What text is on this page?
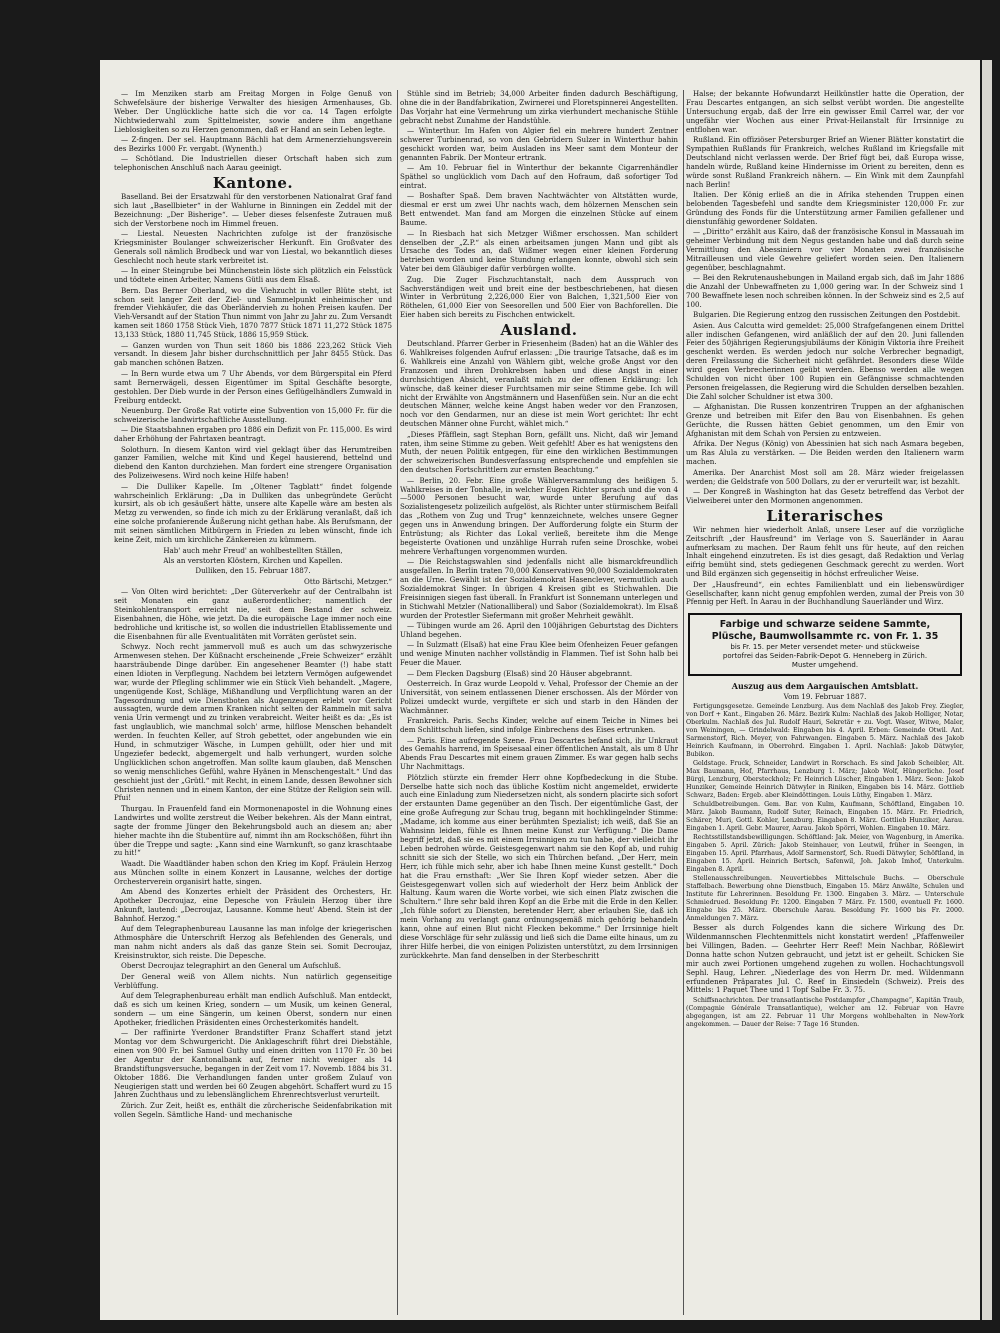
— Im Menziken starb am Freitag Morgen in Folge Genuß von Schwefelsäure der bisherige Verwalter des hiesigen Armenhauses, Gb. Weber. Der Unglückliche hatte sich die vor ca. 14 Tagen erfolgte Nichtwiederwahl zum Spittelmeister, sowie andere ihm angethane Lieblosigkeiten so zu Herzen genommen, daß er Hand an sein Leben legte.

— Z-fingen. Der sel. Hauptmann Bächli hat dem Armenerziehungsverein des Bezirks 1000 Fr. vergabt. (Wynenth.)

— Schötland. Die Industriellen dieser Ortschaft haben sich zum telephonischen Anschluß nach Aarau geeinigt.

Kantone.

Baselland. Bei der Ersatzwahl für den verstorbenen Nationalrat Graf fand sich laut „Basellbieter“ in der Wahlurne in Binningen ein Zeddel mit der Bezeichnung: „Der Bisherige“. — Ueber dieses felsenfeste Zutrauen muß sich der Verstorbene noch im Himmel freuen.

— Liestal. Neuesten Nachrichten zufolge ist der französische Kriegsminister Boulanger schweizerischer Herkunft. Ein Großvater des Generals soll nämlich Brodbeck und war von Liestal, wo bekanntlich dieses Geschlecht noch heute stark verbreitet ist.

— In einer Steingrube bei Münchenstein löste sich plötzlich ein Felsstück und tödtete einen Arbeiter, Namens Gütli aus dem Elsaß.

Bern. Das Berner Oberland, wo die Viehzucht in voller Blüte steht, ist schon seit langer Zeit der Ziel- und Sammelpunkt einheimischer und fremder Viehkäufer, die das Oberländervieh zu hohen Preisen kaufen. Der Vieh-Versandt auf der Station Thun nimmt von Jahr zu Jahr zu. Zum Versandt kamen seit 1860 1758 Stück Vieh, 1870 7877 Stück 1871 11,272 Stück 1875 13,133 Stück, 1880 11,745 Stück, 1886 15,959 Stück.

— Ganzen wurden von Thun seit 1860 bis 1886 223,262 Stück Vieh versandt. In diesem Jahr bisher durchschnittlich per Jahr 8455 Stück. Das gab manchen schönen Batzen.

— In Bern wurde etwa um 7 Uhr Abends, vor dem Bürgerspital ein Pferd samt Bernerwägeli, dessen Eigentümer im Spital Geschäfte besorgte, gestohlen. Der Dieb wurde in der Person eines Geflügelhändlers Zumwald in Freiburg entdeckt.

Neuenburg. Der Große Rat votirte eine Subvention von 15,000 Fr. für die schweizerische landwirtschaftliche Ausstellung.

— Die Staatsbahnen ergaben pro 1886 ein Defizit von Fr. 115,000. Es wird daher Erhöhung der Fahrtaxen beantragt.

Solothurn. In diesem Kanton wird viel geklagt über das Herumtreiben ganzer Familien, welche mit Kind und Kegel hausierend, bettelnd und diebend den Kanton durchziehen. Man fordert eine strengere Organisation des Polizeiwesens. Wird noch keine Hilfe haben!

— Die Dulliker Kapelle. Im „Oltener Tagblatt“ findet folgende wahrscheinlich Erklärung: „Da in Dulliken das unbegründete Gerücht kursirt, als ob ich gesäußert hätte, unsere alte Kapelle wäre am besten als Metzg zu verwenden, so finde ich mich zu der Erklärung veranlaßt, daß ich eine solche profanierende Äußerung nicht gethan habe. Als Berufsmann, der mit seinen sämtlichen Mitbürgern in Frieden zu leben wünscht, finde ich keine Zeit, mich um kirchliche Zänkereien zu kümmern.

Hab' auch mehr Freud' an wohlbestellten Ställen,

Als an verstorten Klöstern, Kirchen und Kapellen.

Dulliken, den 15. Februar 1887.

Otto Bärtschi, Metzger.“

— Von Olten wird berichtet: „Der Güterverkehr auf der Centralbahn ist seit Monaten ein ganz außerordentlicher; namentlich der Steinkohlentransport erreicht nie, seit dem Bestand der schweiz. Eisenbahnen, die Höhe, wie jetzt. Da die europäische Lage immer noch eine bedrohliche und kritische ist, so wollen die industriellen Etablissemente und die Eisenbahnen für alle Eventualitäten mit Vorräten gerüstet sein.

Schwyz. Noch recht jammervoll muß es auch um das schwyzerische Armenwesen stehen. Der Küßnacht erscheinende „Freie Schweizer“ erzählt haarsträubende Dinge darüber. Ein angesehener Beamter (!) habe statt einen Idioten in Verpflegung. Nachdem bei letztern Vermögen aufgewendet war, wurde der Pflegling schlimmer wie ein Stück Vieh behandelt. „Magere, ungenügende Kost, Schläge, Mißhandlung und Verpflichtung waren an der Tagesordnung und wie Dienstboten als Augenzeugen erlebt vor Gericht aussagten, wurde dem armen Kranken nicht selten der Rammeln mit salva venia Urin vermengt und zu trinken verabreicht. Weiter heißt es da: „Es ist fast unglaublich, wie manchmal solch' arme, hilflose Menschen behandelt werden. In feuchten Keller, auf Stroh gebettet, oder angebunden wie ein Hund, in schmutziger Wäsche, in Lumpen gehüllt, oder hier und mit Ungeziefer bedeckt, abgemergelt und halb verhungert, wurden solche Unglücklichen schon angetroffen. Man sollte kaum glauben, daß Menschen so wenig menschliches Gefühl, wahre Hyänen in Menschengestalt.“ Und das geschieht just der „Grütl.“ mit Recht, in einem Lande, dessen Bewohner sich Christen nennen und in einem Kanton, der eine Stütze der Religion sein will. Pfui!

Thurgau. In Frauenfeld fand ein Mormonenapostel in die Wohnung eines Landwirtes und wollte zerstreut die Weiber bekehren. Als der Mann eintrat, sagte der fromme Jünger den Bekehrungsbold auch an diesem an; aber hieher machte ihn die Stubentüre auf, nimmt ihn am Rockschößen, führt ihn über die Treppe und sagte: „Kann sind eine Warnkunft, so ganz kraschtaabe zu hit!“

Waadt. Die Waadtländer haben schon den Krieg im Kopf. Fräulein Herzog aus München sollte in einem Konzert in Lausanne, welches der dortige Orchesterverein organisirt hatte, singen.

Am Abend des Konzertes erhielt der Präsident des Orchesters, Hr. Apotheker Decroujaz, eine Depesche von Fräulein Herzog über ihre Ankunft, lautend: „Decroujaz, Lausanne. Komme heut' Abend. Stein ist der Bahnhof. Herzog.“

Auf dem Telegraphenbureau Lausanne las man infolge der kriegerischen Athmosphäre die Unterschrift Herzog als Befehlenden des Generals, und man nahm nicht anders als daß das ganze Stein sei. Somit Decroujaz, Kreisinstruktor, sich reiste. Die Depesche.

Oberst Decroujaz telegraphirt an den General um Aufschluß.

Der General weiß von Allem nichts. Nun natürlich gegenseitige Verblüffung.

Auf dem Telegraphenbureau erhält man endlich Aufschluß. Man entdeckt, daß es sich um keinen Krieg, sondern — um Musik, um keinen General, sondern — um eine Sängerin, um keinen Oberst, sondern nur einen Apotheker, friedlichen Präsidenten eines Orchesterkomités handelt.

— Der raffinirte Yverdoner Brandstifter Franz Schaffert stand jetzt Montag vor dem Schwurgericht. Die Anklageschrift führt drei Diebstähle, einen von 900 Fr. bei Samuel Guthy und einen dritten von 1170 Fr. 30 bei der Agentur der Kantonalbank auf, ferner nicht weniger als 14 Brandstiftungsversuche, begangen in der Zeit vom 17. Novemb. 1884 bis 31. Oktober 1886. Die Verhandlungen fanden unter großem Zulauf von Neugierigen statt und werden bei 60 Zeugen abgehört. Schaffert wurd zu 15 Jahren Zuchthaus und zu lebenslänglichem Ehrenrechtsverlust verurteilt.

Zürich. Zur Zeit, heißt es, enthält die zürcherische Seidenfabrikation mit vollen Segeln. Sämtliche Hand- und mechanische

Stühle sind im Betrieb; 34,000 Arbeiter finden dadurch Beschäftigung, ohne die in der Bandfabrikation, Zwirnerei und Floretspinnerei Angestellten. Das Vorjahr hat eine Vermehrung um zirka vierhundert mechanische Stühle gebracht nebst Zunahme der Handstühle.

— Winterthur. Im Hafen von Algier fiel ein mehrere hundert Zentner schwerer Turbinenrad, so von den Gebrüdern Sulzer in Winterthur bahin geschickt worden war, beim Ausladen ins Meer samt dem Monteur der genannten Fabrik. Der Monteur ertrank.

— Am 10. Februar fiel in Winterthur der bekannte Cigarrenhändler Späthel so unglücklich vom Dach auf den Hofraum, daß sofortiger Tod eintrat.

— Boshafter Spaß. Dem braven Nachtwächter von Altstätten wurde, diesmal er erst um zwei Uhr nachts wach, dem hölzernen Menschen sein Bett entwendet. Man fand am Morgen die einzelnen Stücke auf einem Baume.

— In Riesbach hat sich Metzger Wißmer erschossen. Man schildert denselben der „Z.P.“ als einen arbeitsamen jungen Mann und gibt als Ursache des Todes an, daß Wißmer wegen einer kleinen Forderung betrieben worden und keine Stundung erlangen konnte, obwohl sich sein Vater bei dem Gläubiger dafür verbürgen wollte.

Zug. Die Zuger Fischzuchtanstalt, nach dem Ausspruch von Sachverständigen weit und breit eine der bestbeschriebenen, hat diesen Winter in Verbrütung 2,226,000 Eier von Balchen, 1,321,500 Eier von Röthelen, 61,000 Eier von Seesorellen und 500 Eier von Bachforellen. Die Eier haben sich bereits zu Fischchen entwickelt.

Ausland.

Deutschland. Pfarrer Gerber in Friesenheim (Baden) hat an die Wähler des 6. Wahlkreises folgenden Aufruf erlassen: „Die traurige Tatsache, daß es im 6. Wahlkreis eine Anzahl von Wählern gibt, welche große Angst vor den Franzosen und ihren Drohkrebsen haben und diese Angst in einer durchsichtigen Absicht, veranlaßt mich zu der offenen Erklärung: Ich wünsche, daß keiner dieser Furchtsamen mir seine Stimme gebe. Ich will nicht der Erwählte von Angstmännern und Hasenfüßen sein. Nur an die echt deutschen Männer, welche keine Angst haben weder vor den Franzosen, noch vor den Gendarmen, nur an diese ist mein Wort gerichtet: Ihr echt deutschen Männer ohne Furcht, wählet mich.“

„Dieses Pfäfflein, sagt Stephan Born, gefällt uns. Nicht, daß wir Jemand raten, ihm seine Stimme zu geben. Weit gefehlt! Aber es hat wenigstens den Muth, der neuen Politik entgegen, für eine den wirklichen Bestimmungen der schweizerischen Bundesverfassung entsprechende und empfehlen sie den deutschen Fortschrittlern zur ernsten Beachtung.“

— Berlin, 20. Febr. Eine große Wählerversammlung des heißigen 5. Wahlkreises in der Tonhalle, in welcher Eugen Richter sprach und die von 4—5000 Personen besucht war, wurde unter Berufung auf das Sozialistengesetz polizeilich aufgelöst, als Richter unter stürmischem Beifall das „Rothem von Zug und Trug“ kennzeichnete, welches unsere Gegner gegen uns in Anwendung bringen. Der Aufforderung folgte ein Sturm der Entrüstung; als Richter das Lokal verließ, bereitete ihm die Menge begeisterte Ovationen und unzählige Hurrah rufen seine Droschke, wobei mehrere Verhaftungen vorgenommen wurden.

— Die Reichstagswahlen sind jedenfalls nicht alle bismarckfreundlich ausgefallen. In Berlin traten 70,000 Konservativen 90,000 Sozialdemokraten an die Urne. Gewählt ist der Sozialdemokrat Hasenclever, vermutlich auch Sozialdemokrat Singer. In übrigen 4 Kreisen gibt es Stichwahlen. Die Freisinnigen siegen fast überall. In Frankfurt ist Sonnemann unterlegen und in Stichwahl Metzler (Nationalliberal) und Sabor (Sozialdemokrat). Im Elsaß wurden der Protestler Siefermann mit großer Mehrheit gewählt.

— Tübingen wurde am 26. April den 100jährigen Geburtstag des Dichters Uhland begehen.

— In Sulzmatt (Elsaß) hat eine Frau Klee beim Ofenheizen Feuer gefangen und wenige Minuten nachher vollständig in Flammen. Tief ist Sohn halb bei Feuer die Mauer.

— Dem Flecken Dagsburg (Elsaß) sind 20 Häuser abgebrannt.

Oesterreich. In Graz wurde Leopold v. Vehal, Professor der Chemie an der Universität, von seinem entlassenen Diener erschossen. Als der Mörder von Polizei umdeckt wurde, vergiftete er sich und starb in den Händen der Wachmänner.

Frankreich. Paris. Sechs Kinder, welche auf einem Teiche in Nimes bei dem Schlittschuh liefen, sind infolge Einbrechens des Eises ertrunken.

— Paris. Eine aufregende Szene. Frau Descartes befand sich, ihr Unkraut des Gemahls harrend, im Speisesaal einer öffentlichen Anstalt, als um 8 Uhr Abends Frau Descartes mit einem grauen Zimmer. Es war gegen halb sechs Uhr Nachmittags.

Plötzlich stürzte ein fremder Herr ohne Kopfbedeckung in die Stube. Derselbe hatte sich noch das übliche Kostüm nicht angemeldet, erwiderte auch eine Einladung zum Niedersetzen nicht, als sondern placirte sich sofort der erstaunten Dame gegenüber an den Tisch. Der eigentümliche Gast, der eine große Aufregung zur Schau trug, begann mit hochklingelnder Stimme: „Madame, ich komme aus einer berühmten Spezialist; ich weiß, daß Sie an Wahnsinn leiden, fühle es Ihnen meine Kunst zur Verfügung.“ Die Dame begriff jetzt, daß sie es mit einem Irrsinnigen zu tun habe, der vielleicht ihr Leben bedrohen würde. Geistesgegenwart nahm sie den Kopf ab, und ruhig schnitt sie sich der Stelle, wo sich ein Thürchen befand. „Der Herr, mein Herr, ich fühle mich sehr, aber ich habe Ihnen meine Kunst gestellt.“ Doch hat die Frau ernsthaft: „Wer Sie Ihren Kopf wieder setzen. Aber die Geistesgegenwart vollen sich auf wiederholt der Herz beim Anblick der Haltung. Kaum waren die Worte vorbei, wie sich einen Platz zwischen die Schultern.“ Ihre sehr bald ihren Kopf an die Erbe mit die Erde in den Keller. „Ich fühle sofort zu Diensten, beretender Herr, aber erlauben Sie, daß ich mein Vorhang zu verlangt ganz ordnungsgemäß mich gehörig behandeln kann, ohne auf einen Blut nicht Flecken bekomme.“ Der Irrsinnige hielt diese Vorschläge für sehr zulässig und ließ sich die Dame eilte hinaus, um zu ihrer Hilfe herbei, die von einigen Polizisten unterstützt, zu dem Irrsinnigen zurückkehrte. Man fand denselben in der Sterbeschritt

Halse; der bekannte Hofwundarzt Heilkünstler hatte die Operation, der Frau Descartes entgangen, an sich selbst verübt worden. Die angestellte Untersuchung ergab, daß der Irre ein gewisser Emil Carrel war, der vor ungefähr vier Wochen aus einer Privat-Heilanstalt für Irrsinnige zu entflohen war.

Rußland. Ein offiziöser Petersburger Brief an Wiener Blätter konstatirt die Sympathien Rußlands für Frankreich, welches Rußland im Kriegsfalle mit Deutschland nicht verlassen werde. Der Brief fügt bei, daß Europa wisse, handeln würde, Rußland keine Hindernisse im Orient zu bereiten, denn es würde sonst Rußland Frankreich nähern. — Ein Wink mit dem Zaunpfahl nach Berlin!

Italien. Der König erließ an die in Afrika stehenden Truppen einen belobenden Tagesbefehl und sandte dem Kriegsminister 120,000 Fr. zur Gründung des Fonds für die Unterstützung armer Familien gefallener und dienstunfähig gewordener Soldaten.

— „Diritto“ erzählt aus Kairo, daß der französische Konsul in Massauah im geheimer Verbindung mit dem Negus gestanden habe und daß durch seine Vermittlung den Abessiniern vor vier Monaten zwei französische Mitrailleusen und viele Gewehre geliefert worden seien. Den Italienern gegenüber, beschlagnahmt.

— Bei den Rekrutenaushebungen in Mailand ergab sich, daß im Jahr 1886 die Anzahl der Unbewaffneten zu 1,000 gering war. In der Schweiz sind 1 700 Bewaffnete lesen noch schreiben können. In der Schweiz sind es 2,5 auf 100.

Bulgarien. Die Regierung entzog den russischen Zeitungen den Postdebit.

Asien. Aus Calcutta wird gemeldet: 25,000 Strafgefangenen einem Drittel aller indischen Gefangenen, wird anläßlich der auf den 20. Juni fallenden Feier des 50jährigen Regierungsjubiläums der Königin Viktoria ihre Freiheit geschenkt werden. Es werden jedoch nur solche Verbrecher begnadigt, deren Freilassung die Sicherheit nicht gefährdet. Besonders diese Wilde wird gegen Verbrecherinnen geübt werden. Ebenso werden alle wegen Schulden von nicht über 100 Rupien ein Gefängnisse schmachtenden Personen freigelassen, die Regierung wird die Schulden derselben bezahlen. Die Zahl solcher Schuldner ist etwa 300.

— Afghanistan. Die Russen konzentriren Truppen an der afghanischen Grenze und betreiben mit Eifer den Bau von Eisenbahnen. Es gehen Gerüchte, die Russen hätten Gebiet genommen, um den Emir von Afghanistan mit dem Schah von Persien zu entzweien.

Afrika. Der Negus (König) von Abessinien hat sich nach Asmara begeben, um Ras Alula zu verstärken. — Die Beiden werden den Italienern warm machen.

Amerika. Der Anarchist Most soll am 28. März wieder freigelassen werden; die Geldstrafe von 500 Dollars, zu der er verurteilt war, ist bezahlt.

— Der Kongreß in Washington hat das Gesetz betreffend das Verbot der Vielweiberei unter den Mormonen angenommen.

Literarisches

Wir nehmen hier wiederholt Anlaß, unsere Leser auf die vorzügliche Zeitschrift „der Hausfreund“ im Verlage von S. Sauerländer in Aarau aufmerksam zu machen. Der Raum fehlt uns für heute, auf den reichen Inhalt eingehend einzutreten. Es ist dies gesagt, daß Redaktion und Verlag eifrig bemüht sind, stets gediegenen Geschmack gerecht zu werden. Wort und Bild ergänzen sich gegenseitig in höchst erfreulicher Weise.

Der „Hausfreund“, ein echtes Familienblatt und ein liebenswürdiger Gesellschafter, kann nicht genug empfohlen werden, zumal der Preis von 30 Pfennig per Heft. In Aarau in der Buchhandlung Sauerländer und Wirz.

Farbige und schwarze seidene Sammte,
Plüsche, Baumwollsammte rc. von Fr. 1. 35
bis Fr. 15. per Meter versendet meter- und stückweise
portofrei das Seiden-Fabrik-Depot G. Henneberg in Zürich.
Muster umgehend.

Auszug aus dem Aargauischen Amtsblatt.

Vom 19. Februar 1887.

Fertigungsgesetze. Gemeinde Lenzburg. Aus dem Nachlaß des Jakob Frey. Ziegler, von Dorf + Kant., Eingaben 26. März. Bezirk Kulm: Nachlaß des Jakob Holliger, Notar, Oberkulm. Nachlaß des Jul. Rudolf Hauri, Sekretär + zu. Vogt. Waser, Witwe, Maler, von Weiningen, — Grindelwald: Eingaben bis 4. April. Erben: Gemeinde Otwil. Ant. Sarmenstorf, Rich. Meyer, von Fahrwangen. Eingaben 5. März. Nachlaß des Jakob Heinrich Kaufmann, in Oberrohrd. Eingaben 1. April. Nachlaß: Jakob Dätwyler, Bubikon.

Geldstage. Fruck, Schneider, Landwirt in Rorschach. Es sind Jakob Scheibler, Alt. Max Baumann, Hof, Pfarrhaus, Lenzburg 1. März; Jakob Wolf, Hüngerliche. Josef Bürgi, Lenzburg, Obersteckholz; Fr. Heinrich Lüscher, Eingaben 1. März. Seon: Jakob Hunziker, Gemeinde Heinrich Dätwyler in Riniken, Eingaben bis 14. März. Gottlieb Schwarz, Baden: Ergeb. aber Kleindöttingen. Louis Lüthy, Eingaben 1. März.

Schuldbetreibungen. Gem. Bar. von Kulm, Kaufmann, Schöftland, Eingaben 10. März. Jakob Baumann, Rudolf Suter, Reinach, Eingaben 15. März. Fr. Friedrich, Schärer, Muri, Gottl. Kohler, Lenzburg. Eingaben 8. März. Gottlieb Hunziker, Aarau. Eingaben 1. April. Gebr. Maurer, Aarau. Jakob Spörri, Wohlen. Eingaben 10. März.

Rechtsstillstandsbewilligungen. Schöftland: Jak. Meier, von Wagenburg, in Amerika. Eingaben 5. April. Zürich: Jakob Steinhauer, von Leutwil, früher in Seengen, in Eingaben 15. April. Pfarrhaus, Adolf Sarmenstorf, Sch. Ruedi Dätwyler, Schöftland, in Eingaben 15. April. Heinrich Bertsch, Safenwil, Joh. Jakob Imhof, Unterkulm. Eingaben 8. April.

Stellenausschreibungen. Neuvertiebbes Mittelschule Buchs. — Oberschule Staffelbach. Bewerbung ohne Dienstbuch, Eingaben 15. März Anwälte, Schulen und Institute für Lehrerinnen. Besoldung Fr. 1300. Eingaben 3. März. — Unterschule Schmiedrued. Besoldung Fr. 1200. Eingaben 7 März. Fr. 1500, eventuell Fr. 1600. Eingabe bis 25. März. Oberschule Aarau. Besoldung Fr. 1600 bis Fr. 2000. Anmeldungen 7. März.

Besser als durch Folgendes kann die sichere Wirkung des Dr. Wildenmannschen Flechtenmittels nicht konstatirt werden! „Pfaffenweiler bei Villingen, Baden. — Geehrter Herr Reef! Mein Nachbar, Rößlewirt Donna hatte schon Nutzen gebraucht, und jetzt ist er geheilt. Schicken Sie mir auch zwei Portionen umgehend zugehen zu wollen. Hochachtungsvoll Sephl. Haug, Lehrer. „Niederlage des von Herrn Dr. med. Wildenmann erfundenen Präparates Jul. C. Reef in Einsiedeln (Schweiz). Preis des Mittels: 1 Paquet Thee und 1 Topf Salbe Fr. 3. 75.

Schiffsnachrichten. Der transatlantische Postdampfer „Champagne“, Kapitän Traub, (Compagnie Générale Transatlantique), welcher am 12. Februar von Havre abgegangen, ist am 22. Februar 11 Uhr Morgens wohlbehalten in New-York angekommen. — Dauer der Reise: 7 Tage 16 Stunden.
